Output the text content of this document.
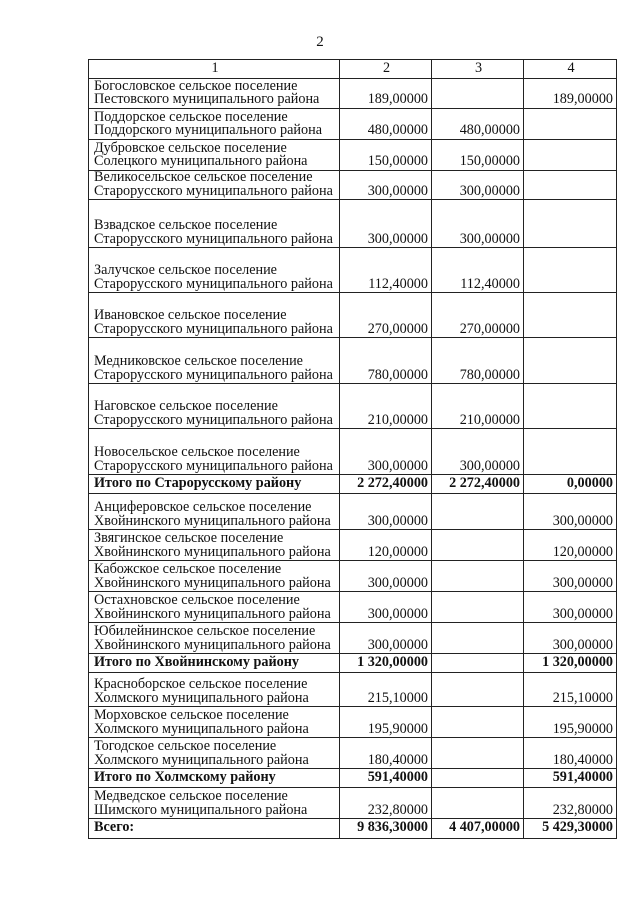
2
1	2	3	4
Богословское сельское поселение Пестовского муниципального района	189,00000		189,00000
Поддорское сельское поселение Поддорского муниципального района	480,00000	480,00000	
Дубровское сельское поселение Солецкого муниципального района	150,00000	150,00000	
Великосельское сельское поселение Старорусского муниципального района	300,00000	300,00000	
Взвадское сельское поселение Старорусского муниципального района	300,00000	300,00000	
Залучское сельское поселение Старорусского муниципального района	112,40000	112,40000	
Ивановское сельское поселение Старорусского муниципального района	270,00000	270,00000	
Медниковское сельское поселение Старорусского муниципального района	780,00000	780,00000	
Наговское сельское поселение Старорусского муниципального района	210,00000	210,00000	
Новосельское сельское поселение Старорусского муниципального района	300,00000	300,00000	
Итого по Старорусскому району	2 272,40000	2 272,40000	0,00000
Анциферовское сельское поселение Хвойнинского муниципального района	300,00000		300,00000
Звягинское сельское поселение Хвойнинского муниципального района	120,00000		120,00000
Кабожское сельское поселение Хвойнинского муниципального района	300,00000		300,00000
Остахновское сельское поселение Хвойнинского муниципального района	300,00000		300,00000
Юбилейнинское сельское поселение Хвойнинского муниципального района	300,00000		300,00000
Итого по Хвойнинскому району	1 320,00000		1 320,00000
Красноборское сельское поселение Холмского муниципального района	215,10000		215,10000
Морховское сельское поселение Холмского муниципального района	195,90000		195,90000
Тогодское сельское поселение Холмского муниципального района	180,40000		180,40000
Итого по Холмскому району	591,40000		591,40000
Медведское сельское поселение Шимского муниципального района	232,80000		232,80000
Всего:	9 836,30000	4 407,00000	5 429,30000
